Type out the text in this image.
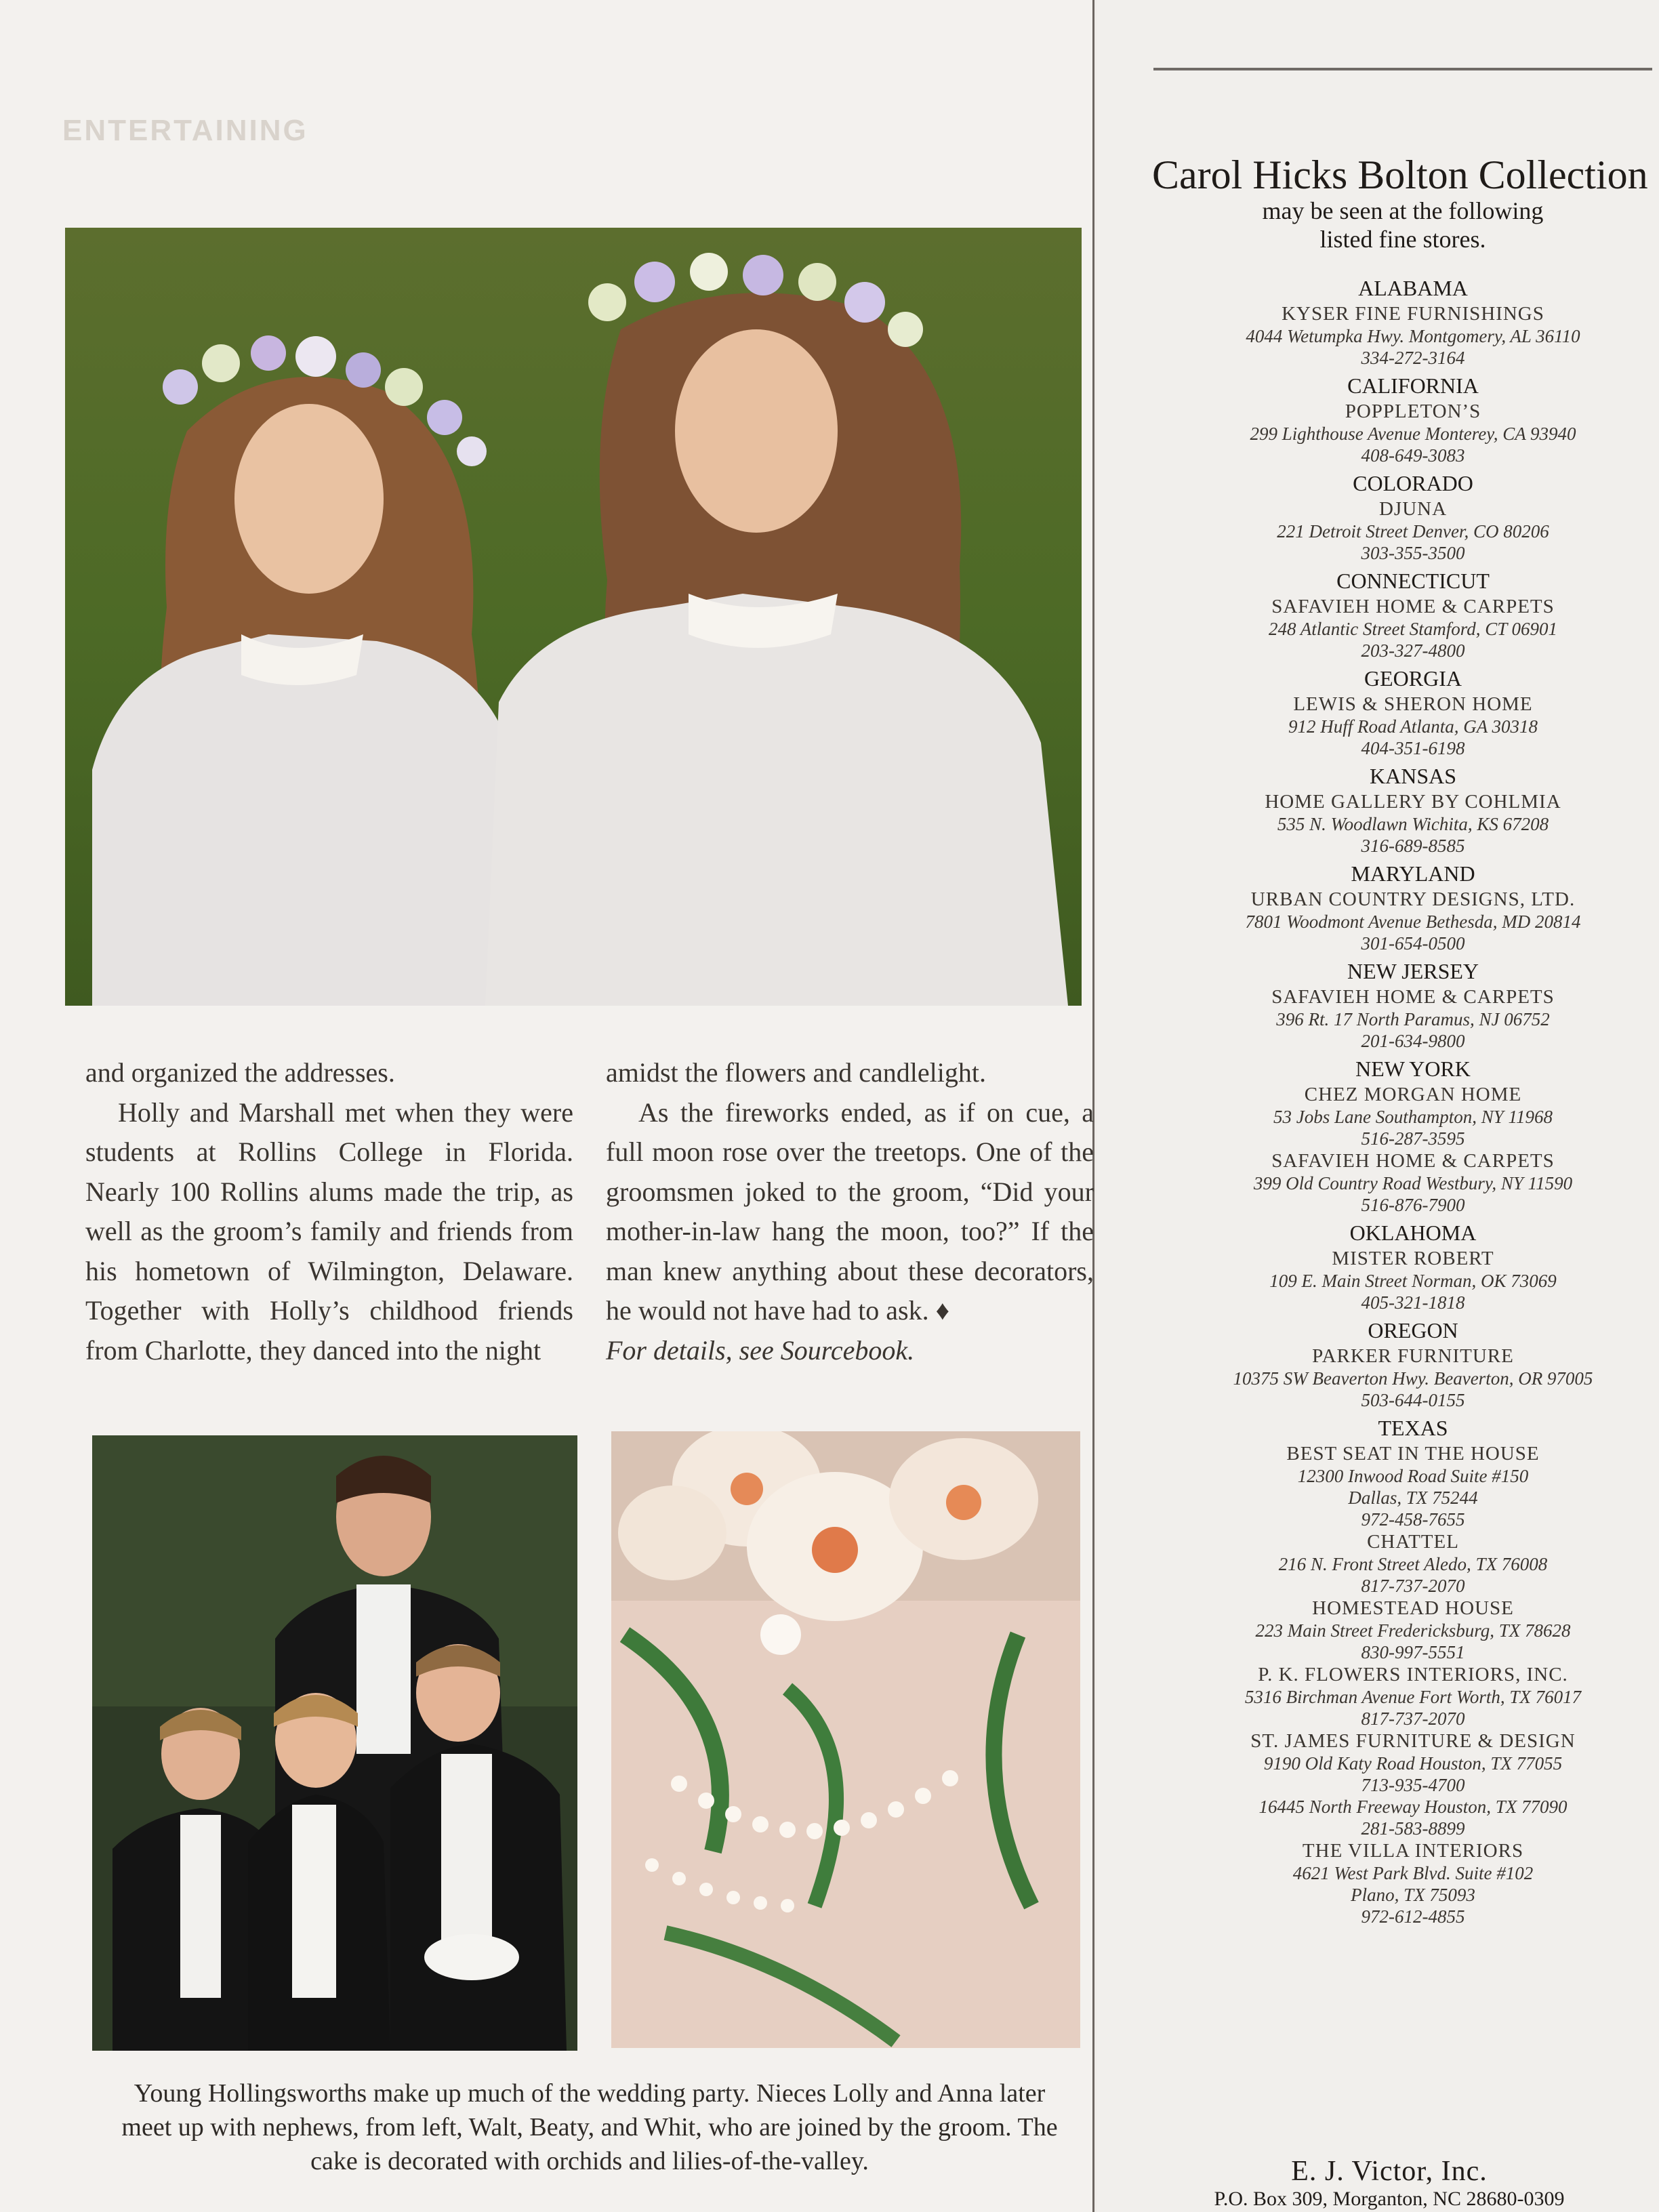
ENTERTAINING

and organized the addresses.

Holly and Marshall met when they were students at Rollins College in Florida. Nearly 100 Rollins alums made the trip, as well as the groom’s family and friends from his hometown of Wilmington, Delaware. Together with Holly’s childhood friends from Charlotte, they danced into the night

amidst the flowers and candlelight.

As the fireworks ended, as if on cue, a full moon rose over the treetops. One of the groomsmen joked to the groom, “Did your mother-in-law hang the moon, too?” If the man knew anything about these decorators, he would not have had to ask. ♦

For details, see Sourcebook.

Young Hollingsworths make up much of the wedding party. Nieces Lolly and Anna later meet up with nephews, from left, Walt, Beaty, and Whit, who are joined by the groom. The cake is decorated with orchids and lilies-of-the-valley.
Carol Hicks Bolton Collection
may be seen at the following
listed fine stores.
ALABAMA
KYSER FINE FURNISHINGS
4044 Wetumpka Hwy. Montgomery, AL 36110
334-272-3164
CALIFORNIA
POPPLETON’S
299 Lighthouse Avenue Monterey, CA 93940
408-649-3083
COLORADO
DJUNA
221 Detroit Street Denver, CO 80206
303-355-3500
CONNECTICUT
SAFAVIEH HOME & CARPETS
248 Atlantic Street Stamford, CT 06901
203-327-4800
GEORGIA
LEWIS & SHERON HOME
912 Huff Road Atlanta, GA 30318
404-351-6198
KANSAS
HOME GALLERY BY COHLMIA
535 N. Woodlawn Wichita, KS 67208
316-689-8585
MARYLAND
URBAN COUNTRY DESIGNS, LTD.
7801 Woodmont Avenue Bethesda, MD 20814
301-654-0500
NEW JERSEY
SAFAVIEH HOME & CARPETS
396 Rt. 17 North Paramus, NJ 06752
201-634-9800
NEW YORK
CHEZ MORGAN HOME
53 Jobs Lane Southampton, NY 11968
516-287-3595
SAFAVIEH HOME & CARPETS
399 Old Country Road Westbury, NY 11590
516-876-7900
OKLAHOMA
MISTER ROBERT
109 E. Main Street Norman, OK 73069
405-321-1818
OREGON
PARKER FURNITURE
10375 SW Beaverton Hwy. Beaverton, OR 97005
503-644-0155
TEXAS
BEST SEAT IN THE HOUSE
12300 Inwood Road Suite #150
Dallas, TX 75244
972-458-7655
CHATTEL
216 N. Front Street Aledo, TX 76008
817-737-2070
HOMESTEAD HOUSE
223 Main Street Fredericksburg, TX 78628
830-997-5551
P. K. FLOWERS INTERIORS, INC.
5316 Birchman Avenue Fort Worth, TX 76017
817-737-2070
ST. JAMES FURNITURE & DESIGN
9190 Old Katy Road Houston, TX 77055
713-935-4700
16445 North Freeway Houston, TX 77090
281-583-8899
THE VILLA INTERIORS
4621 West Park Blvd. Suite #102
Plano, TX 75093
972-612-4855
E. J. Victor, Inc.
P.O. Box 309, Morganton, NC 28680-0309
